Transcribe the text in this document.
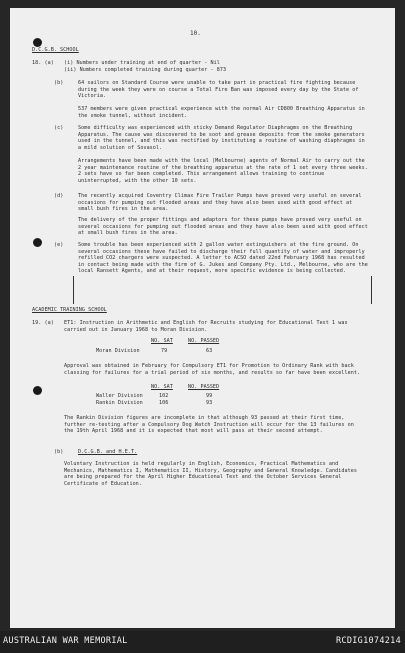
10.

D.C.G.B. SCHOOL

18. (a) (i) Numbers under training at end of quarter - Nil

(ii) Numbers completed training during quarter - 873

(b)	64 sailors on Standard Course were unable to take part in practical fire fighting because during the week they were on course a Total Fire Ban was imposed every day by the State of Victoria.

537 members were given practical experience with the normal Air CD800 Breathing Apparatus in the smoke tunnel, without incident.

(c)	Some difficulty was experienced with sticky Demand Regulator Diaphragms on the Breathing Apparatus. The cause was discovered to be soot and grease deposits from the smoke generators used in the tunnel, and this was rectified by instituting a routine of washing diaphragms in a mild solution of Sovasol.

Arrangements have been made with the local (Melbourne) agents of Normal Air to carry out the 2 year maintenance routine of the breathing apparatus at the rate of 1 set every three weeks. 2 sets have so far been completed. This arrangement allows training to continue uninterrupted, with the other 10 sets.

(d)	The recently acquired Coventry Climax Fire Trailer Pumps have proved very useful on several occasions for pumping out flooded areas and they have also been used with good effect at small bush fires in the area.

The delivery of the proper fittings and adaptors for these pumps have proved very useful on several occasions for pumping out flooded areas and they have also been used with good effect at small bush fires in the area.

(e)	Some trouble has been experienced with 2 gallon water extinguishers at the fire ground. On several occasions these have failed to discharge their full quantity of water and improperly refilled CO2 chargers were suspected. A letter to ACSO dated 22nd February 1968 has resulted in contact being made with the firm of G. Jukes and Company Pty. Ltd., Melbourne, who are the local Ransett Agents, and at their request, more specific evidence is being collected.

ACADEMIC TRAINING SCHOOL

19. (a) ET1: Instruction in Arithmetic and English for Recruits studying for Educational Test 1 was carried out in January 1968 to Moran Division.

NO. SAT	NO. PASSED

Moran Division	79	63

Approval was obtained in February for Compulsory ET1 for Promotion to Ordinary Rank with back classing for failures for a trial period of six months, and results so far have been excellent.

NO. SAT	NO. PASSED

Waller Division	102	99

Rankin Division	106	93

The Rankin Division figures are incomplete in that although 93 passed at their first time, further re-testing after a Compulsory Dog Watch Instruction will occur for the 13 failures on the 19th April 1968 and it is expected that most will pass at their second attempt.

(b)	D.C.G.B. and H.E.T.

Voluntary Instruction is held regularly in English, Economics, Practical Mathematics and Mechanics, Mathematics I, Mathematics II, History, Geography and General Knowledge. Candidates are being prepared for the April Higher Educational Test and the October Services General Certificate of Education.

AUSTRALIAN WAR MEMORIAL	RCDIG1074214
